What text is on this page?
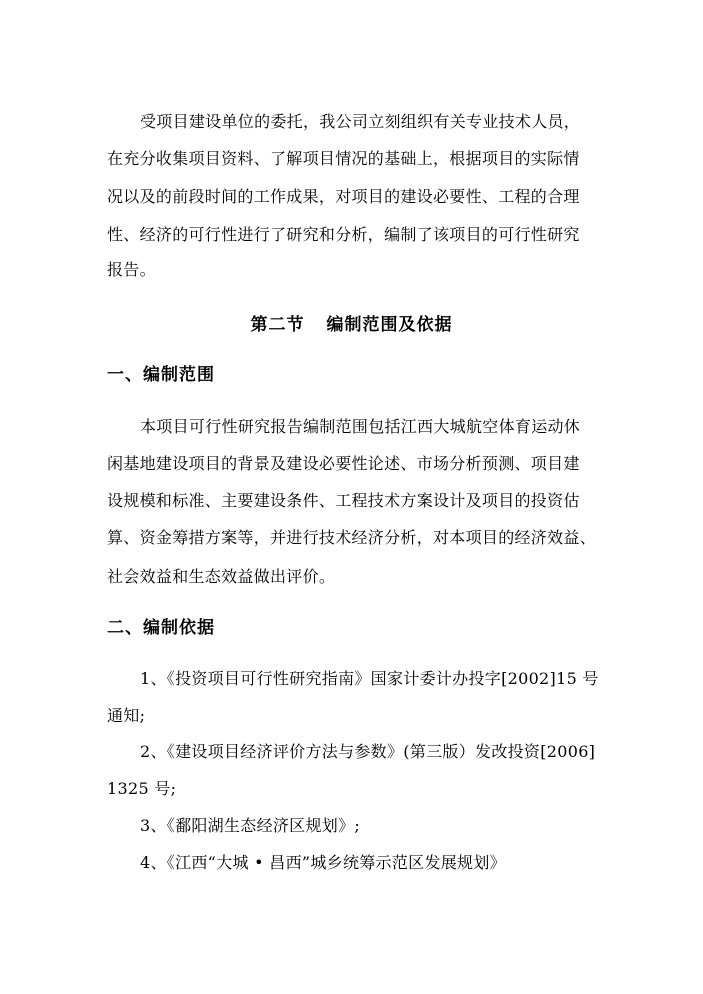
受项目建设单位的委托，我公司立刻组织有关专业技术人员，
在充分收集项目资料、了解项目情况的基础上，根据项目的实际情
况以及的前段时间的工作成果，对项目的建设必要性、工程的合理
性、经济的可行性进行了研究和分析，编制了该项目的可行性研究
报告。
第二节 编制范围及依据
一、编制范围
本项目可行性研究报告编制范围包括江西大城航空体育运动休
闲基地建设项目的背景及建设必要性论述、市场分析预测、项目建
设规模和标准、主要建设条件、工程技术方案设计及项目的投资估
算、资金筹措方案等，并进行技术经济分析，对本项目的经济效益、
社会效益和生态效益做出评价。
二、编制依据
1、《投资项目可行性研究指南》国家计委计办投字[2002]15 号
通知;
2、《建设项目经济评价方法与参数》(第三版）发改投资[2006]
1325 号;
3、《鄱阳湖生态经济区规划》;
4、《江西“大城 • 昌西”城乡统筹示范区发展规划》
